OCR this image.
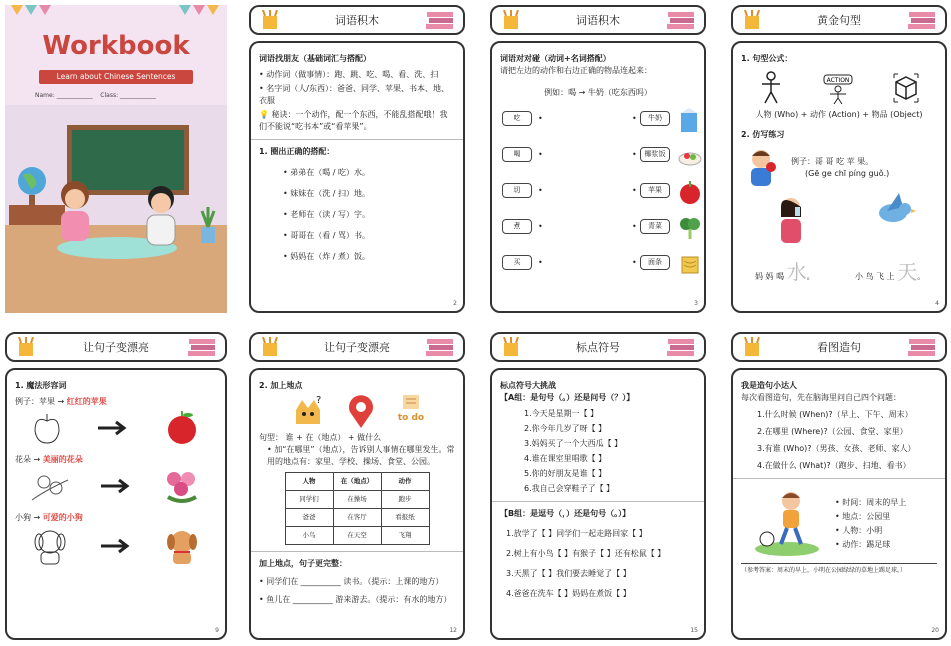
Workbook
Learn about Chinese Sentences
Name: ____________    Class: ____________
词语积木
词语找朋友（基础词汇与搭配）
• 动作词（做事情）：跑、跳、吃、喝、看、洗、扫
• 名字词（人/东西）：爸爸、同学、苹果、书本、地、衣服
💡 秘诀：一个动作，配一个东西，不能乱搭配哦！我们不能说“吃书本”或“看苹果”。
1. 圈出正确的搭配：
• 弟弟在（喝 / 吃）水。
• 妹妹在（洗 / 扫）地。
• 老师在（读 / 写）字。
• 哥哥在（看 / 骂）书。
• 妈妈在（炸 / 煮）饭。
2
词语积木
词语对对碰（动词+名词搭配）
请把左边的动作和右边正确的物品连起来：
例如：喝 → 牛奶（吃东西吗）
吃	•	•	牛奶
喝	•	•	椰浆饭
切	•	•	苹果
煮	•	•	青菜
买	•	•	面条
3
黄金句型
1. 句型公式：
ACTION
人物 (Who) + 动作 (Action) + 物品 (Object)
2. 仿写练习
例子：哥 哥 吃 苹 果。
(Gē ge chī píng guǒ.)
妈 妈 喝 水。	小 鸟 飞 上 天。
4
让句子变漂亮
1. 魔法形容词
例子：苹果 → 红红的苹果
花朵 → 美丽的花朵
小狗 → 可爱的小狗
9
让句子变漂亮
2. 加上地点
?
to do
句型： 谁 + 在（地点） + 做什么
• 加“在哪里”（地点），告诉别人事情在哪里发生。常用的地点有：家里、学校、操场、食堂、公园。
人物	在（地点）	动作
同学们	在操场	跑步
爸爸	在客厅	看报纸
小鸟	在天空	飞翔
加上地点，句子更完整：
• 同学们在 __________ 读书。（提示：上课的地方）
• 鱼儿在 __________ 游来游去。（提示：有水的地方）
12
标点符号
标点符号大挑战
【A组：是句号（。）还是问号（？）】
1.今天是星期一【 】
2.你今年几岁了呀【 】
3.妈妈买了一个大西瓜【 】
4.谁在课室里唱歌【 】
5.你的好朋友是谁【 】
6.我自己会穿鞋子了【 】
【B组：是逗号（，）还是句号（。）】
1.放学了【 】同学们一起走路回家【 】
2.树上有小鸟【 】有猴子【 】还有松鼠【 】
3.天黑了【 】我们要去睡觉了【 】
4.爸爸在洗车【 】妈妈在煮饭【 】
15
看图造句
我是造句小达人
每次看图造句，先在脑海里问自己四个问题：
1.什么时候 (When)?（早上、下午、周末）
2.在哪里 (Where)?（公园、食堂、家里）
3.有谁 (Who)?（男孩、女孩、老师、家人）
4.在做什么 (What)?（跑步、扫地、看书）
• 时间：周末的早上
• 地点：公园里
• 人物：小明
• 动作：踢足球
（参考答案：周末的早上，小明在公园绿绿的草地上踢足球。）
20
